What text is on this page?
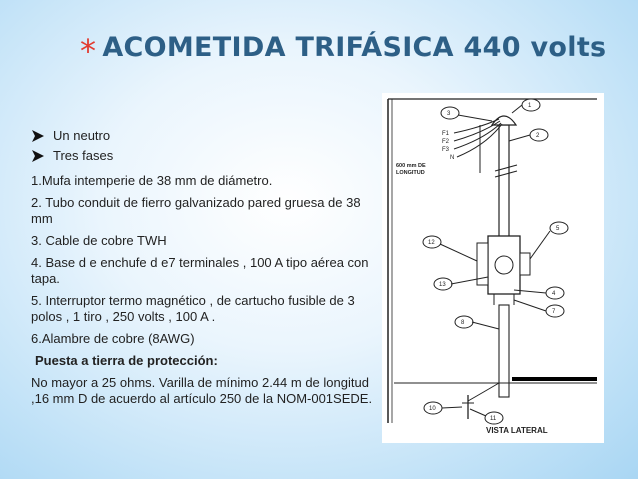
* ACOMETIDA TRIFÁSICA 440 volts
Un neutro
Tres fases
1.Mufa intemperie de 38 mm de diámetro.
2. Tubo conduit de fierro galvanizado pared gruesa de 38 mm
3. Cable de cobre TWH
4. Base d e enchufe d e7 terminales , 100 A tipo aérea con tapa.
5. Interruptor termo magnético , de cartucho fusible de 3 polos , 1 tiro , 250 volts , 100 A .
6.Alambre de cobre (8AWG)
Puesta a tierra de protección:
No mayor a 25 ohms. Varilla de mínimo 2.44 m de longitud ,16 mm D de acuerdo al artículo 250 de la NOM-001SEDE.
1
3
2
12
5
13
4
7
8
10
11
F1
F2
F3
N
600 mm DE
LONGITUD
VISTA LATERAL
